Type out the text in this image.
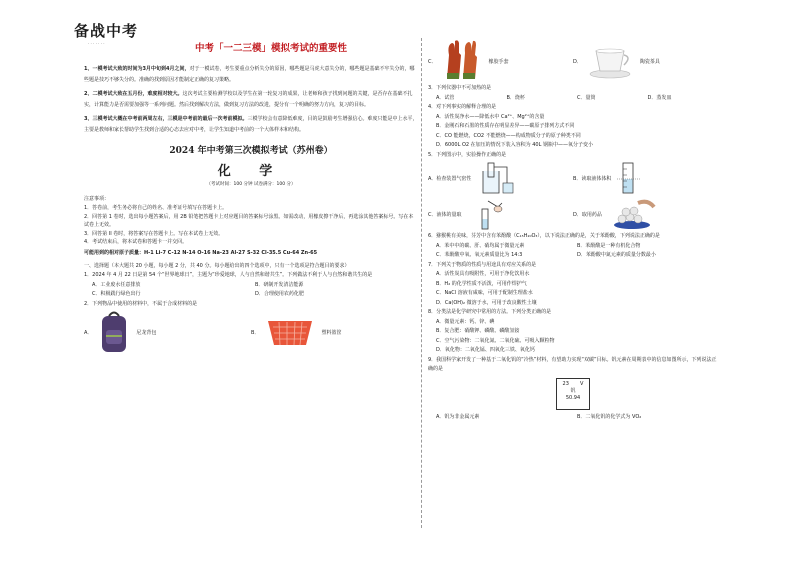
备战中考
· · · · · · ·	中考「一二三模」模拟考试的重要性

1、一模考试大致的时间为3月中旬到4月之间，对于一模试卷，考生要重点分析失分的原因，哪些题是马虎大意失分的，哪些题是基础不牢失分的，哪些题是技巧不够失分的。准确的找到原因才能制定正确的复习策略。

2、二模考试大致在五月份，难度相对较大。这次考试主要检测学校以及学生在第一轮复习的成果，让老师和孩子找到问题的关键，是否存在基础不扎实，计算能力是否需要加强等一系列问题。然后找到解决方法，做到复习方法的改进，提分有一个明确的努力方向，复习的目标。

3、三模考试大概在中考前两周左右，三模是中考前的最后一次考前模拟。三模学校会有意降低难度，目的是鼓励考生增强信心。难度只能是中上水平，主要是教师和家长帮助学生找到合适的心态去应对中考，让学生知道中考前的一个大体样本和结构。

2024 年中考第三次模拟考试（苏州卷）
化 学
（考试时间：100 分钟 试卷满分：100 分）
注意事项：
1．答卷前，考生务必将自己的姓名、准考证号填写在答题卡上。
2．回答第 1 卷时，选出每小题答案后，用 2B 铅笔把答题卡上对应题目的答案标号涂黑。如需改动，用橡皮擦干净后，再选涂其他答案标号。写在本试卷上无效。
3．回答第 II 卷时，将答案写在答题卡上。写在本试卷上无效。
4．考试结束后，将本试卷和答题卡一并交回。
可能用到的相对原子质量：H-1 Li-7 C-12 N-14 O-16 Na-23 Al-27 S-32 Cl-35.5 Cu-64 Zn-65
一、选择题（本大题共 20 小题，每小题 2 分，共 40 分。每小题给出的四个选项中，只有一个选项是符合题目的要求）
1．2024 年 4 月 22 日是第 54 个“世界地球日”，主题为“珍爱地球，人与自然和谐共生”。下列做法不利于人与自然和谐共生的是
A．工业废水任意排放	B．研制开发清洁能源
C．积极践行绿色出行	D．合理使用农药化肥
2．下列物品中使用的材料中，不属于合成材料的是
A．	尼龙背包	B．	塑料篮筐
C．	橡胶手套	D．	陶瓷茶具
3．下列仪器中不可加热的是
A．试管	B．烧杯	C．量筒	D．蒸发皿
4．对下列事实的解释合理的是
A．活性炭净水——降低水中 Ca²⁺、Mg²⁺的含量
B．金刚石和石墨的性质存在明显差异——碳原子排列方式不同
C．CO 能燃烧，CO2 不能燃烧——构成物质分子的原子种类不同
D．6000L O2 在加压的情况下装入容积为 40L 钢瓶中——氧分子变小
5．下列图示中，实验操作正确的是
A．检查装置气密性	B．读取液体体积
C．液体的量取	D．取用药品
6．猕猴桃有美味，芬芳中含有苯酚酸（C₁₅H₂₀O₃），以下说法正确的是，关于苯酚酸，下列说法正确的是
A．苯中中的碳、肝、硝均属于微量元素	B．苯酚酸是一种有机化合物
C．苯酚酸中氧、氧元素质量比为 14:3	D．苯酚酸中氮元素的质量分数最小
7．下列关于物质的性质与用途具有对应关系的是
A．活性炭具有吸附性，可用于净化饮用水
B．H₂ 的化学性质不活泼，可用作焊护气
C．NaCl 溶液有咸味，可用于配制生理盐水
D．Ca(OH)₂ 微溶于水，可用于改良酸性土壤
8．分类法是化学研究中常用的方法。下列分类正确的是
A．微量元素：钙、锌、碘
B．复合肥：硝酸钾、磷酸、磷酸氢铵
C．空气污染物：二氧化氮、二氧化硫、可吸入颗粒物
D．氧化物：二氧化锰、四氧化三铁、氧化钙
9．我国科学家开发了一种基于二氧化钒的“冷热”材料，有望助力实现“双碳”目标。钒元素在周期表中的信息如图所示，下列说法正确的是
23 V
钒
50.94
A．钒为非金属元素	B．二氧化钒的化学式为 VO₂
